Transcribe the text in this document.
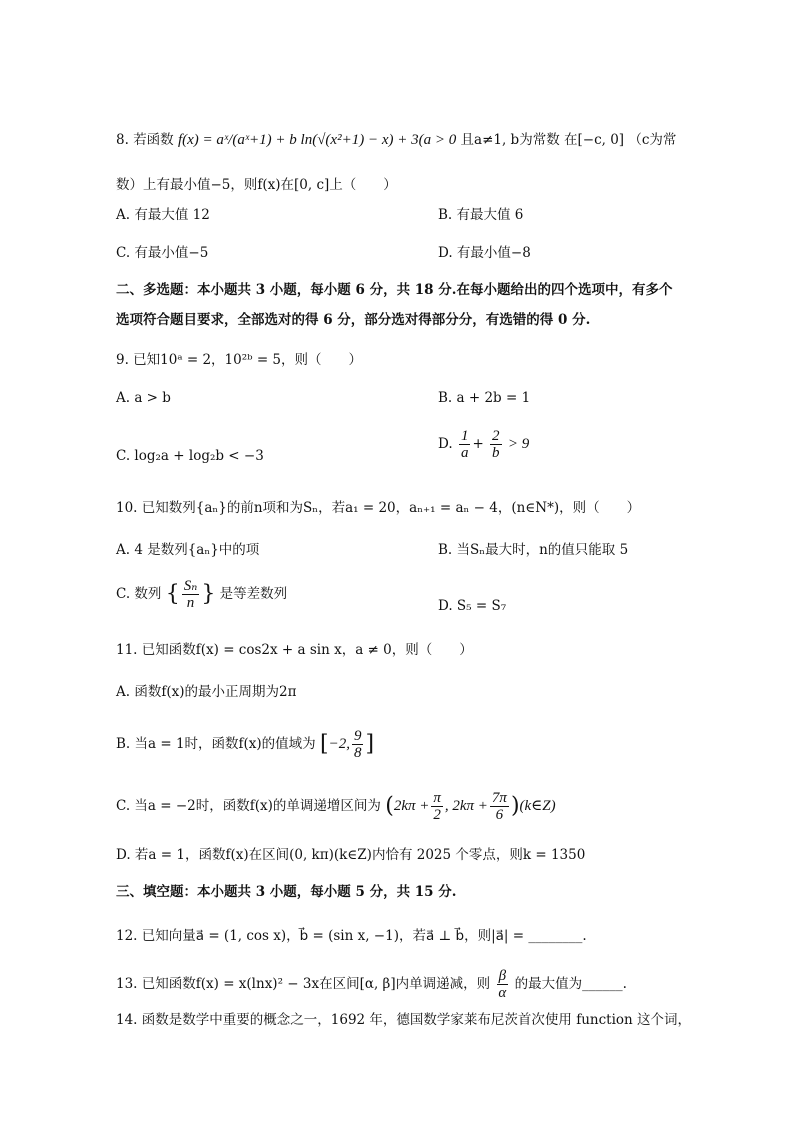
8. 若函数 f(x) = aˣ/(aˣ+1) + b ln(√(x²+1) − x) + 3(a > 0 且a≠1, b为常数 在[−c, 0] （c为常
数）上有最小值−5，则f(x)在[0, c]上（　　）
A. 有最大值 12	B. 有最大值 6
C. 有最小值−5	D. 有最小值−8
二、多选题：本小题共 3 小题，每小题 6 分，共 18 分.在每小题给出的四个选项中，有多个
选项符合题目要求，全部选对的得 6 分，部分选对得部分分，有选错的得 0 分.
9. 已知10ᵃ = 2，10²ᵇ = 5，则（　　）
A. a > b	B. a + 2b = 1
C. log₂a + log₂b < −3
D. $\frac{1}{a} + \frac{2}{b} > 9$
10. 已知数列{aₙ}的前n项和为Sₙ，若a₁ = 20，aₙ₊₁ = aₙ − 4，(n∈N*)，则（　　）
A. 4 是数列{aₙ}中的项	B. 当Sₙ最大时，n的值只能取 5
C. 数列 { $\frac{\text{Sₙ}}{n}$ } 是等差数列
D. S₅ = S₇
11. 已知函数f(x) = cos2x + a sin x，a ≠ 0，则（　　）
A. 函数f(x)的最小正周期为2π
B. 当a = 1时，函数f(x)的值域为 [−2, $\frac{9}{8}$ ]
C. 当a = −2时，函数f(x)的单调递增区间为 ($2k\pi + \frac{\pi}{2}$ , $2k\pi + \frac{7\pi}{6}$ )(k∈Z)
D. 若a = 1，函数f(x)在区间(0, kπ)(k∈Z)内恰有 2025 个零点，则k = 1350
三、填空题：本小题共 3 小题，每小题 5 分，共 15 分.
12. 已知向量a⃗ = (1, cos x)，b⃗ = (sin x, −1)，若a⃗ ⊥ b⃗，则|a⃗| = ________.
13. 已知函数f(x) = x(lnx)² − 3x在区间[α, β]内单调递减，则 $\frac{\beta}{\alpha}$ 的最大值为______.
14. 函数是数学中重要的概念之一，1692 年，德国数学家莱布尼茨首次使用 function 这个词，
